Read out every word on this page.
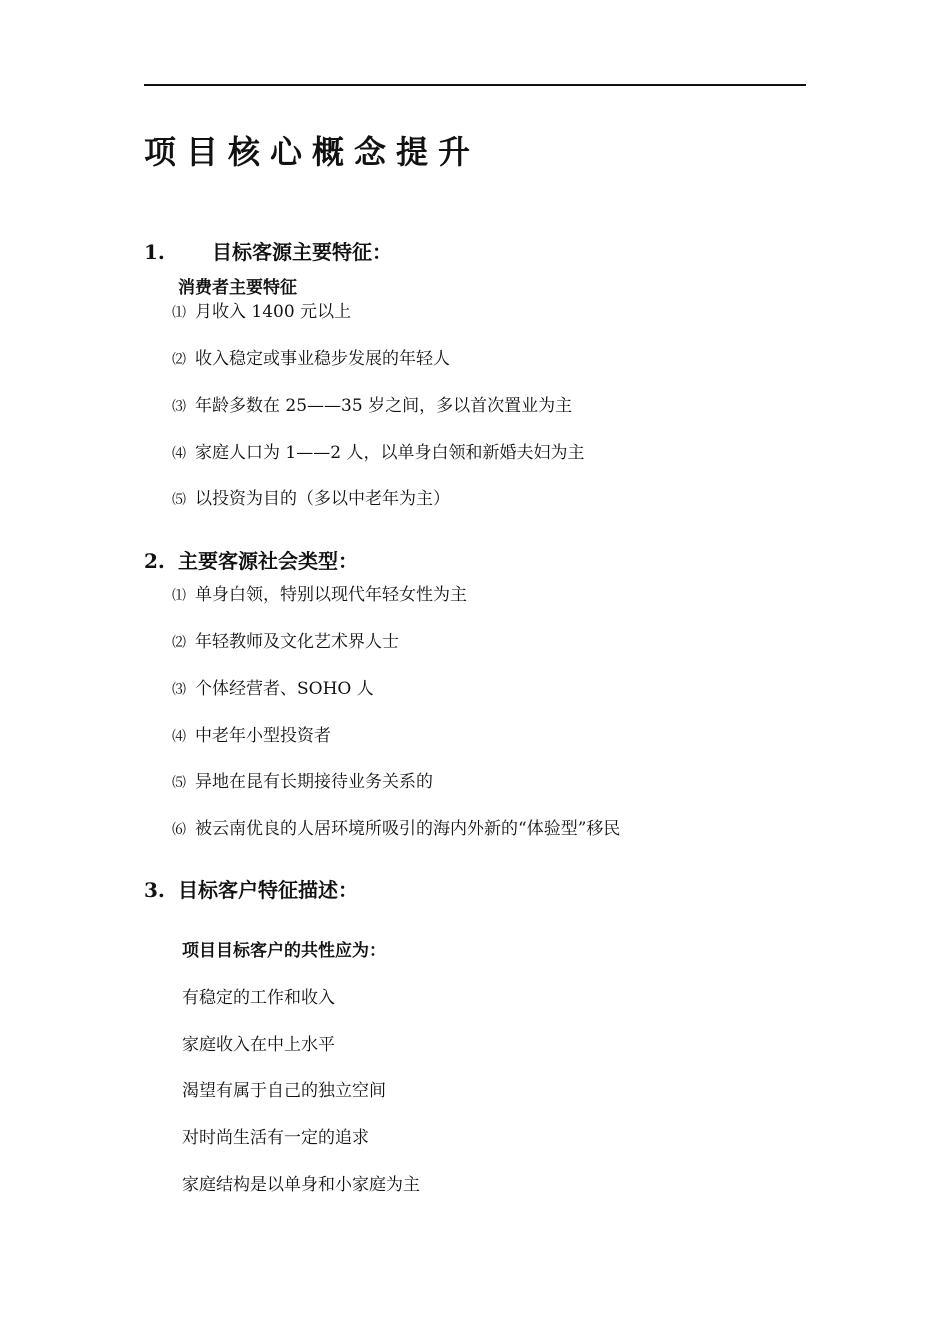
项目核心概念提升
1. 目标客源主要特征：
消费者主要特征
⑴ 月收入 1400 元以上
⑵ 收入稳定或事业稳步发展的年轻人
⑶ 年龄多数在 25——35 岁之间，多以首次置业为主
⑷ 家庭人口为 1——2 人，以单身白领和新婚夫妇为主
⑸ 以投资为目的（多以中老年为主）
2. 主要客源社会类型：
⑴ 单身白领，特别以现代年轻女性为主
⑵ 年轻教师及文化艺术界人士
⑶ 个体经营者、SOHO 人
⑷ 中老年小型投资者
⑸ 异地在昆有长期接待业务关系的
⑹ 被云南优良的人居环境所吸引的海内外新的“体验型”移民
3. 目标客户特征描述：
项目目标客户的共性应为：
有稳定的工作和收入
家庭收入在中上水平
渴望有属于自己的独立空间
对时尚生活有一定的追求
家庭结构是以单身和小家庭为主
